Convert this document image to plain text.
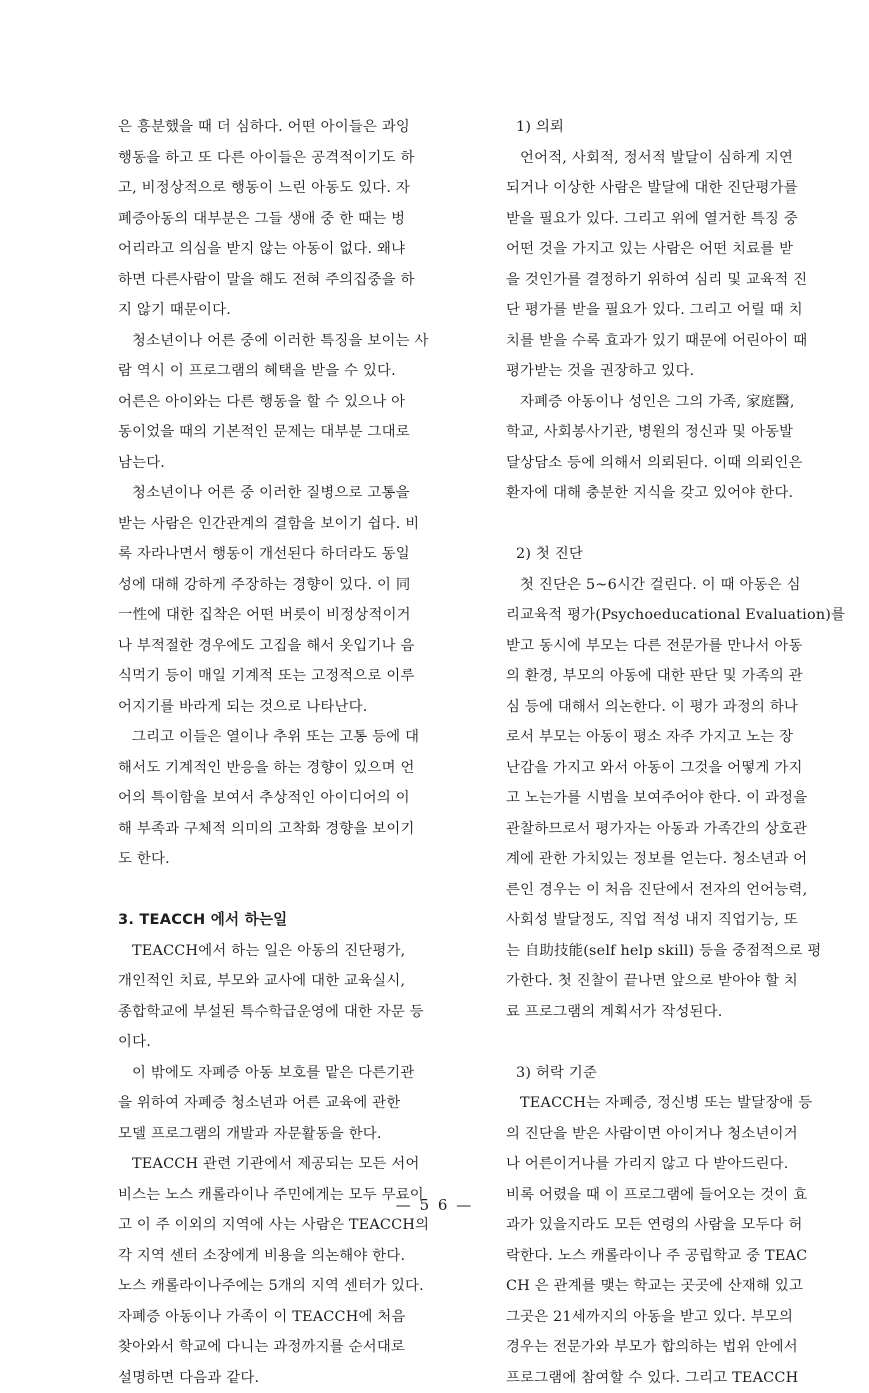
은 흥분했을 때 더 심하다. 어떤 아이들은 과잉
행동을 하고 또 다른 아이들은 공격적이기도 하
고, 비정상적으로 행동이 느린 아동도 있다. 자
폐증아동의 대부분은 그들 생애 중 한 때는 벙
어리라고 의심을 받지 않는 아동이 없다. 왜냐
하면 다른사람이 말을 해도 전혀 주의집중을 하
지 않기 때문이다.
청소년이나 어른 중에 이러한 특징을 보이는 사
람 역시 이 프로그램의 혜택을 받을 수 있다.
어른은 아이와는 다른 행동을 할 수 있으나 아
동이었을 때의 기본적인 문제는 대부분 그대로
남는다.
청소년이나 어른 중 이러한 질병으로 고통을
받는 사람은 인간관계의 결함을 보이기 쉽다. 비
록 자라나면서 행동이 개선된다 하더라도 동일
성에 대해 강하게 주장하는 경향이 있다. 이 同
一性에 대한 집착은 어떤 버릇이 비정상적이거
나 부적절한 경우에도 고집을 해서 옷입기나 음
식먹기 등이 매일 기계적 또는 고정적으로 이루
어지기를 바라게 되는 것으로 나타난다.
그리고 이들은 열이나 추위 또는 고통 등에 대
해서도 기계적인 반응을 하는 경향이 있으며 언
어의 특이함을 보여서 추상적인 아이디어의 이
해 부족과 구체적 의미의 고착화 경향을 보이기
도 한다.
3. TEACCH 에서 하는일
TEACCH에서 하는 일은 아동의 진단평가,
개인적인 치료, 부모와 교사에 대한 교육실시,
종합학교에 부설된 특수학급운영에 대한 자문 등
이다.
이 밖에도 자폐증 아동 보호를 맡은 다른기관
을 위하여 자폐증 청소년과 어른 교육에 관한
모델 프로그램의 개발과 자문활동을 한다.
TEACCH 관련 기관에서 제공되는 모든 서어
비스는 노스 캐롤라이나 주민에게는 모두 무료이
고 이 주 이외의 지역에 사는 사람은 TEACCH의
각 지역 센터 소장에게 비용을 의논해야 한다.
노스 캐롤라이나주에는 5개의 지역 센터가 있다.
자폐증 아동이나 가족이 이 TEACCH에 처음
찾아와서 학교에 다니는 과정까지를 순서대로
설명하면 다음과 같다.
1) 의뢰
언어적, 사회적, 정서적 발달이 심하게 지연
되거나 이상한 사람은 발달에 대한 진단평가를
받을 필요가 있다. 그리고 위에 열거한 특징 중
어떤 것을 가지고 있는 사람은 어떤 치료를 받
을 것인가를 결정하기 위하여 심리 및 교육적 진
단 평가를 받을 필요가 있다. 그리고 어릴 때 치
치를 받을 수록 효과가 있기 때문에 어린아이 때
평가받는 것을 권장하고 있다.
자폐증 아동이나 성인은 그의 가족, 家庭醫,
학교, 사회봉사기관, 병원의 정신과 및 아동발
달상담소 등에 의해서 의뢰된다. 이때 의뢰인은
환자에 대해 충분한 지식을 갖고 있어야 한다.
2) 첫 진단
첫 진단은 5~6시간 걸린다. 이 때 아동은 심
리교육적 평가(Psychoeducational Evaluation)를
받고 동시에 부모는 다른 전문가를 만나서 아동
의 환경, 부모의 아동에 대한 판단 및 가족의 관
심 등에 대해서 의논한다. 이 평가 과정의 하나
로서 부모는 아동이 평소 자주 가지고 노는 장
난감을 가지고 와서 아동이 그것을 어떻게 가지
고 노는가를 시범을 보여주어야 한다. 이 과정을
관찰하므로서 평가자는 아동과 가족간의 상호관
계에 관한 가치있는 정보를 얻는다. 청소년과 어
른인 경우는 이 처음 진단에서 전자의 언어능력,
사회성 발달정도, 직업 적성 내지 직업기능, 또
는 自助技能(self help skill) 등을 중점적으로 평
가한다. 첫 진찰이 끝나면 앞으로 받아야 할 치
료 프로그램의 계획서가 작성된다.
3) 허락 기준
TEACCH는 자폐증, 정신병 또는 발달장애 등
의 진단을 받은 사람이면 아이거나 청소년이거
나 어른이거나를 가리지 않고 다 받아드린다.
비록 어렸을 때 이 프로그램에 들어오는 것이 효
과가 있을지라도 모든 연령의 사람을 모두다 허
락한다. 노스 캐롤라이나 주 공립학교 중 TEAC
CH 은 관계를 맺는 학교는 곳곳에 산재해 있고
그곳은 21세까지의 아동을 받고 있다. 부모의
경우는 전문가와 부모가 합의하는 법위 안에서
프로그램에 참여할 수 있다. 그리고 TEACCH
— 5 6 —
